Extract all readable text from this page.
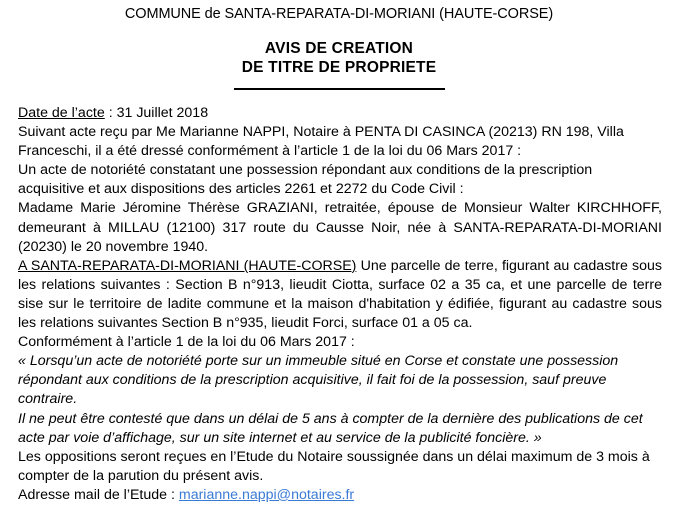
COMMUNE de SANTA-REPARATA-DI-MORIANI (HAUTE-CORSE)
AVIS DE CREATION
DE TITRE DE PROPRIETE

Date de l’acte : 31 Juillet 2018

Suivant acte reçu par Me Marianne NAPPI, Notaire à PENTA DI CASINCA (20213) RN 198, Villa Franceschi, il a été dressé conformément à l’article 1 de la loi du 06 Mars 2017 :

Un acte de notoriété constatant une possession répondant aux conditions de la prescription acquisitive et aux dispositions des articles 2261 et 2272 du Code Civil :

Madame Marie Jéromine Thérèse GRAZIANI, retraitée, épouse de Monsieur Walter KIRCHHOFF, demeurant à MILLAU (12100) 317 route du Causse Noir, née à SANTA-REPARATA-DI-MORIANI (20230) le 20 novembre 1940.

A SANTA-REPARATA-DI-MORIANI (HAUTE-CORSE) Une parcelle de terre, figurant au cadastre sous les relations suivantes : Section B n°913, lieudit Ciotta, surface 02 a 35 ca, et une parcelle de terre sise sur le territoire de ladite commune et la maison d'habitation y édifiée, figurant au cadastre sous les relations suivantes Section B n°935, lieudit Forci, surface 01 a 05 ca.

Conformément à l’article 1 de la loi du 06 Mars 2017 :

« Lorsqu’un acte de notoriété porte sur un immeuble situé en Corse et constate une possession répondant aux conditions de la prescription acquisitive, il fait foi de la possession, sauf preuve contraire.

Il ne peut être contesté que dans un délai de 5 ans à compter de la dernière des publications de cet acte par voie d’affichage, sur un site internet et au service de la publicité foncière. »

Les oppositions seront reçues en l’Etude du Notaire soussignée dans un délai maximum de 3 mois à compter de la parution du présent avis.

Adresse mail de l’Etude : marianne.nappi@notaires.fr
